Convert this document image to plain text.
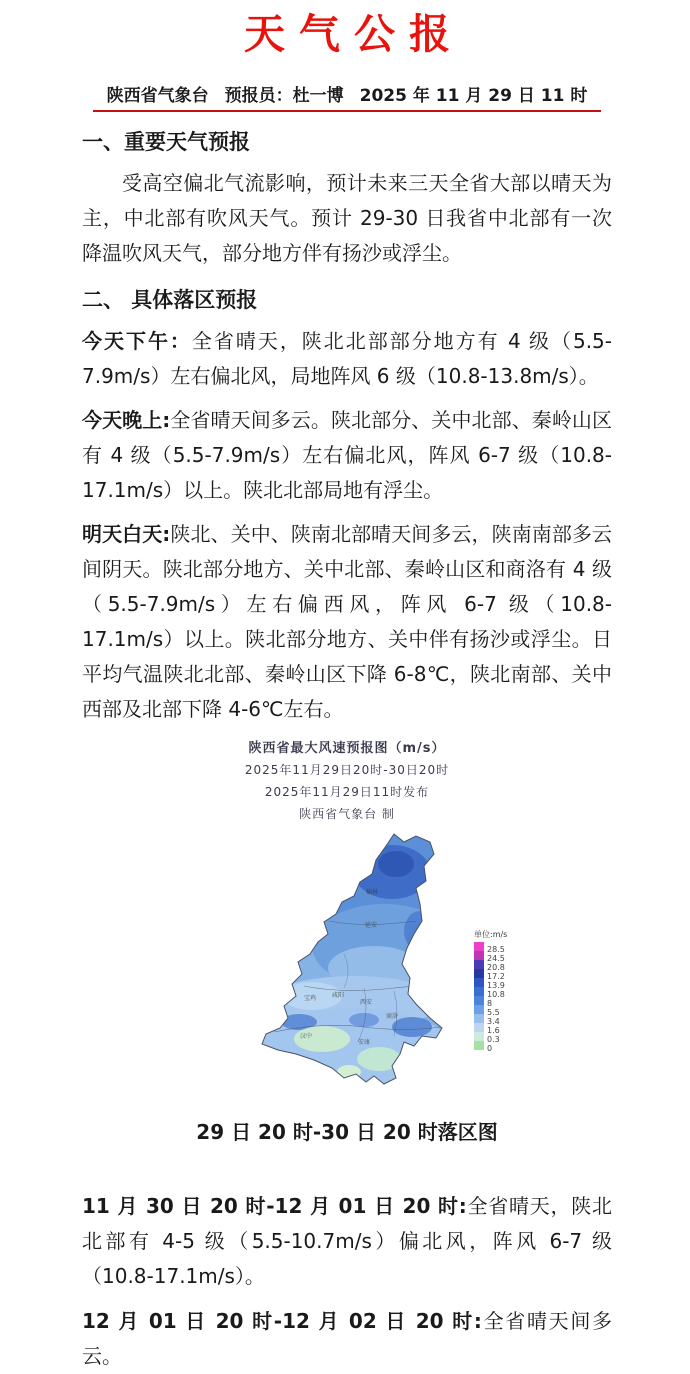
天气公报
陕西省气象台 预报员：杜一博 2025 年 11 月 29 日 11 时
一、重要天气预报

受高空偏北气流影响，预计未来三天全省大部以晴天为主，中北部有吹风天气。预计 29-30 日我省中北部有一次降温吹风天气，部分地方伴有扬沙或浮尘。

二、 具体落区预报

今天下午：全省晴天，陕北北部部分地方有 4 级（5.5-7.9m/s）左右偏北风，局地阵风 6 级（10.8-13.8m/s）。

今天晚上:全省晴天间多云。陕北部分、关中北部、秦岭山区有 4 级（5.5-7.9m/s）左右偏北风，阵风 6-7 级（10.8-17.1m/s）以上。陕北北部局地有浮尘。

明天白天:陕北、关中、陕南北部晴天间多云，陕南南部多云间阴天。陕北部分地方、关中北部、秦岭山区和商洛有 4 级（5.5-7.9m/s）左右偏西风，阵风 6-7 级（10.8-17.1m/s）以上。陕北部分地方、关中伴有扬沙或浮尘。日平均气温陕北北部、秦岭山区下降 6-8℃，陕北南部、关中西部及北部下降 4-6℃左右。

陕西省最大风速预报图（m/s）
2025年11月29日20时-30日20时
2025年11月29日11时发布
陕西省气象台 制
榆林
延安
宝鸡	咸阳
西安
商洛
汉中
安康
单位:m/s
28.5
24.5
20.8
17.2
13.9
10.8
8
5.5
3.4
1.6
0.3
0
29 日 20 时-30 日 20 时落区图

11 月 30 日 20 时-12 月 01 日 20 时:全省晴天，陕北北部有 4-5 级（5.5-10.7m/s）偏北风，阵风 6-7 级（10.8-17.1m/s）。

12 月 01 日 20 时-12 月 02 日 20 时:全省晴天间多云。
